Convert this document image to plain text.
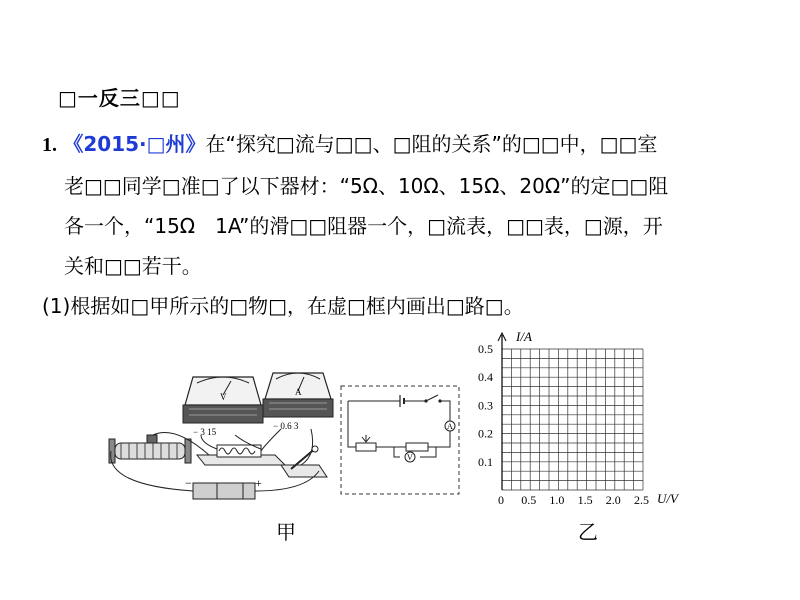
□一反三□□
1. 《2015·□州》在“探究□流与□□、□阻的关系”的□□中，□□室
老□□同学□准□了以下器材：“5Ω、10Ω、15Ω、20Ω”的定□□阻
各一个，“15Ω　1A”的滑□□阻器一个，□流表，□□表，□源，开
关和□□若干。
(1)根据如□甲所示的□物□，在虚□框内画出□路□。
V
− 3 15
A
− 0.6 3
−	+
甲
A
V
I/A
U/V
0.1
0.2
0.3
0.4
0.5
0 0.5 1.0 1.5 2.0 2.5
乙
